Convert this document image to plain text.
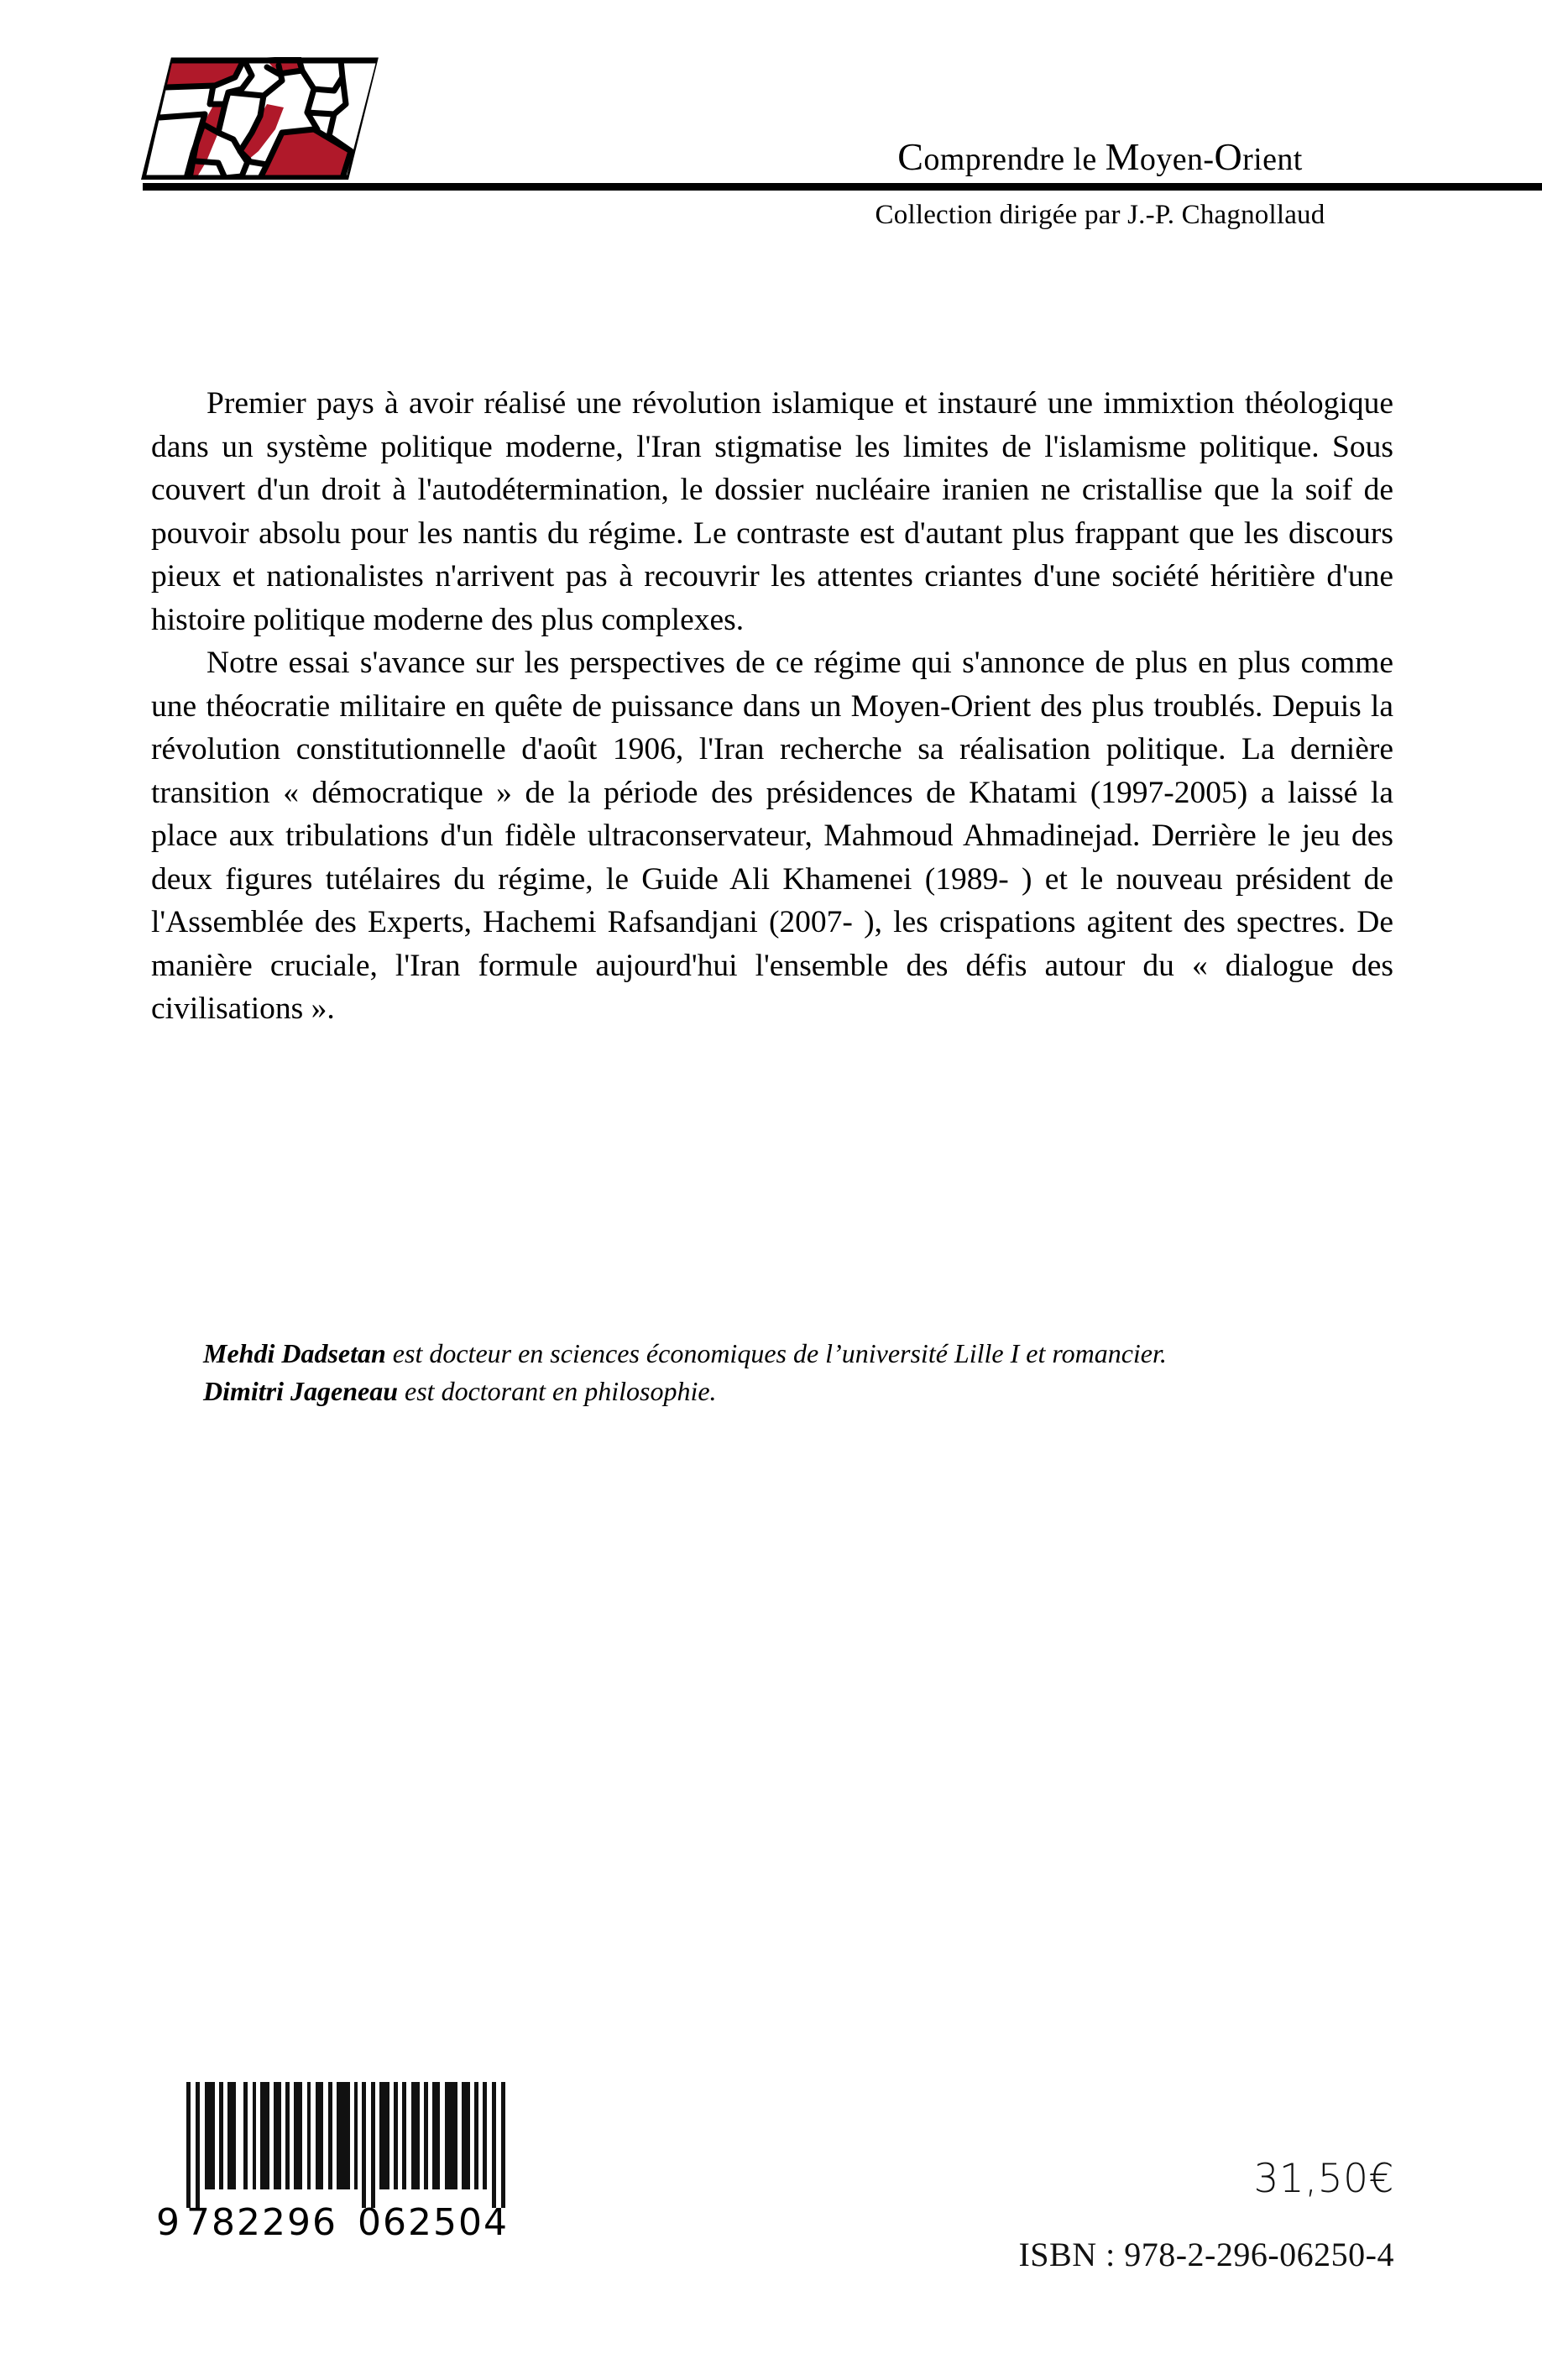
Comprendre le Moyen-Orient
Collection dirigée par J.-P. Chagnollaud

Premier pays à avoir réalisé une révolution islamique et instauré une immixtion théologique dans un système politique moderne, l'Iran stigmatise les limites de l'islamisme politique. Sous couvert d'un droit à l'autodétermination, le dossier nucléaire iranien ne cristallise que la soif de pouvoir absolu pour les nantis du régime. Le contraste est d'autant plus frappant que les discours pieux et nationalistes n'arrivent pas à recouvrir les attentes criantes d'une société héritière d'une histoire politique moderne des plus complexes.

Notre essai s'avance sur les perspectives de ce régime qui s'annonce de plus en plus comme une théocratie militaire en quête de puissance dans un Moyen-Orient des plus troublés. Depuis la révolution constitutionnelle d'août 1906, l'Iran recherche sa réalisation politique. La dernière transition « démocratique » de la période des présidences de Khatami (1997-2005) a laissé la place aux tribulations d'un fidèle ultraconservateur, Mahmoud Ahmadinejad. Derrière le jeu des deux figures tutélaires du régime, le Guide Ali Khamenei (1989- ) et le nouveau président de l'Assemblée des Experts, Hachemi Rafsandjani (2007- ), les crispations agitent des spectres. De manière cruciale, l'Iran formule aujourd'hui l'ensemble des défis autour du « dialogue des civilisations ».

Mehdi Dadsetan est docteur en sciences économiques de l’université Lille I et romancier.

Dimitri Jageneau est doctorant en philosophie.

9 782296 062504
31,50€
ISBN : 978-2-296-06250-4
